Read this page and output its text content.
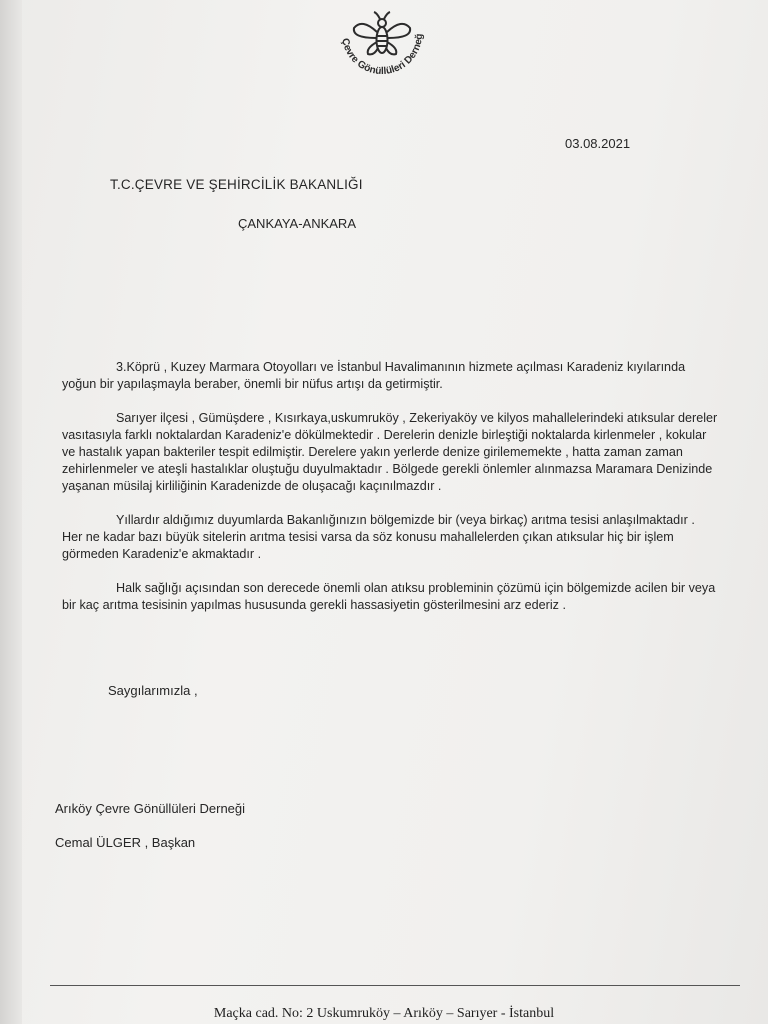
Çevre Gönüllüleri Derneğ
03.08.2021
T.C.ÇEVRE VE ŞEHİRCİLİK BAKANLIĞI
ÇANKAYA-ANKARA

3.Köprü , Kuzey Marmara Otoyolları ve İstanbul Havalimanının hizmete açılması Karadeniz kıyılarında yoğun bir yapılaşmayla beraber, önemli bir nüfus artışı da getirmiştir.

Sarıyer ilçesi , Gümüşdere , Kısırkaya,uskumruköy , Zekeriyaköy ve kilyos mahallelerindeki atıksular dereler vasıtasıyla farklı noktalardan Karadeniz'e dökülmektedir . Derelerin denizle birleştiği noktalarda kirlenmeler , kokular ve hastalık yapan bakteriler tespit edilmiştir. Derelere yakın yerlerde denize girilememekte , hatta zaman zaman zehirlenmeler ve ateşli hastalıklar oluştuğu duyulmaktadır . Bölgede gerekli önlemler alınmazsa Maramara Denizinde yaşanan müsilaj kirliliğinin Karadenizde de oluşacağı kaçınılmazdır .

Yıllardır aldığımız duyumlarda Bakanlığınızın bölgemizde bir (veya birkaç) arıtma tesisi anlaşılmaktadır . Her ne kadar bazı büyük sitelerin arıtma tesisi varsa da söz konusu mahallelerden çıkan atıksular hiç bir işlem görmeden Karadeniz'e akmaktadır .

Halk sağlığı açısından son derecede önemli olan atıksu probleminin çözümü için bölgemizde acilen bir veya bir kaç arıtma tesisinin yapılmas hususunda gerekli hassasiyetin gösterilmesini arz ederiz .

Saygılarımızla ,
Arıköy Çevre Gönüllüleri Derneği
Cemal ÜLGER , Başkan
Maçka cad. No: 2 Uskumruköy – Arıköy – Sarıyer - İstanbul
